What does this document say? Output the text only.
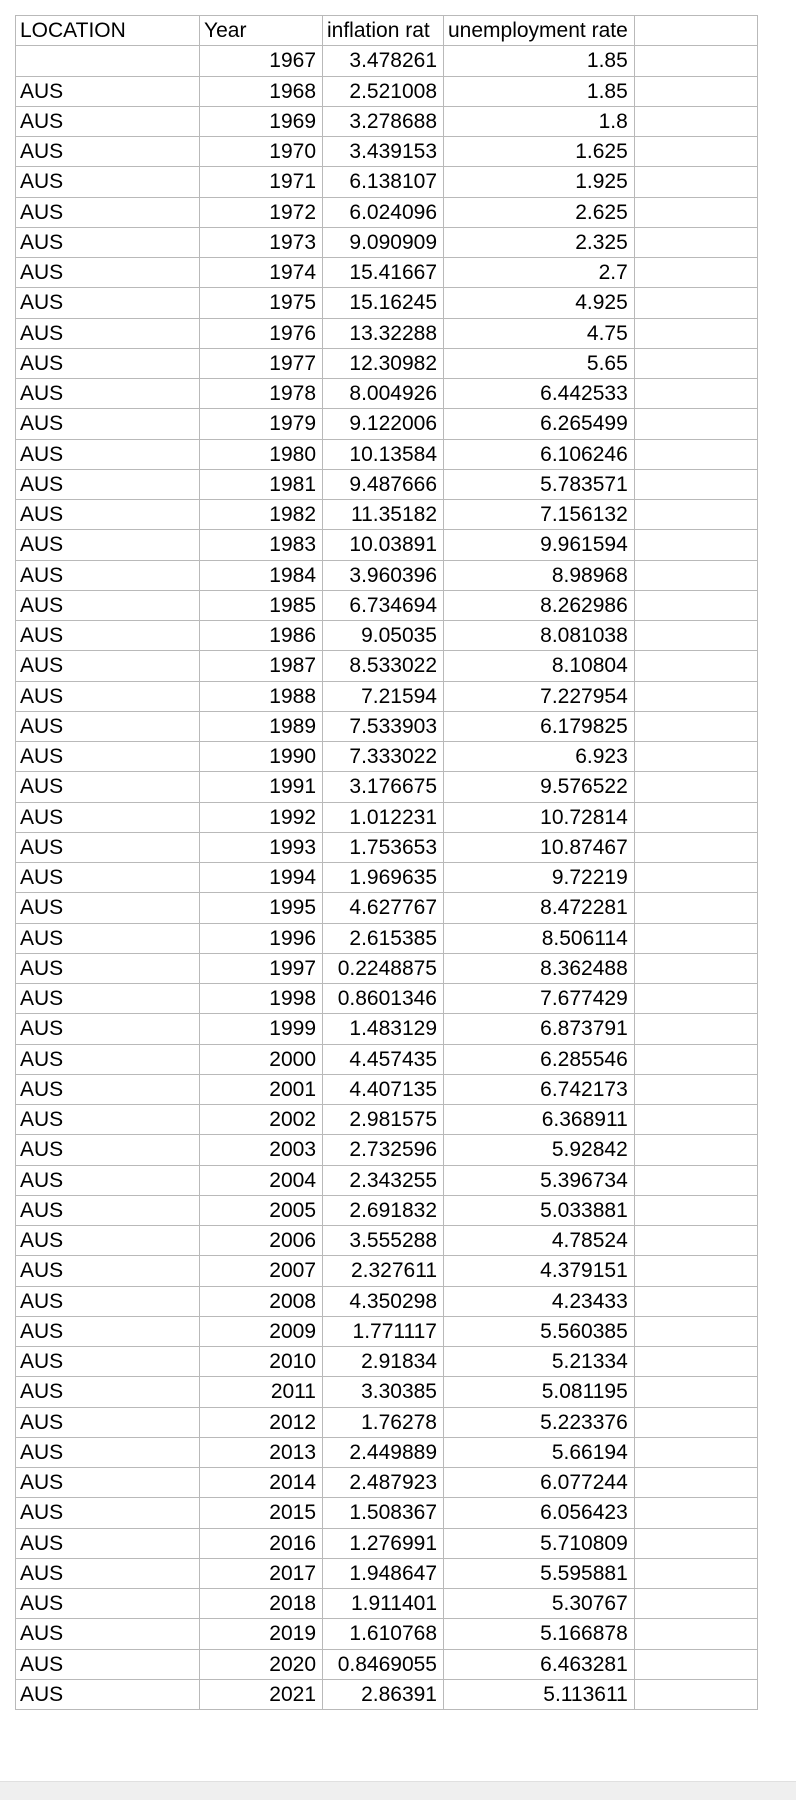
LOCATION	Year	inflation rat	unemployment rate	
	1967	3.478261	1.85	
AUS	1968	2.521008	1.85	
AUS	1969	3.278688	1.8	
AUS	1970	3.439153	1.625	
AUS	1971	6.138107	1.925	
AUS	1972	6.024096	2.625	
AUS	1973	9.090909	2.325	
AUS	1974	15.41667	2.7	
AUS	1975	15.16245	4.925	
AUS	1976	13.32288	4.75	
AUS	1977	12.30982	5.65	
AUS	1978	8.004926	6.442533	
AUS	1979	9.122006	6.265499	
AUS	1980	10.13584	6.106246	
AUS	1981	9.487666	5.783571	
AUS	1982	11.35182	7.156132	
AUS	1983	10.03891	9.961594	
AUS	1984	3.960396	8.98968	
AUS	1985	6.734694	8.262986	
AUS	1986	9.05035	8.081038	
AUS	1987	8.533022	8.10804	
AUS	1988	7.21594	7.227954	
AUS	1989	7.533903	6.179825	
AUS	1990	7.333022	6.923	
AUS	1991	3.176675	9.576522	
AUS	1992	1.012231	10.72814	
AUS	1993	1.753653	10.87467	
AUS	1994	1.969635	9.72219	
AUS	1995	4.627767	8.472281	
AUS	1996	2.615385	8.506114	
AUS	1997	0.2248875	8.362488	
AUS	1998	0.8601346	7.677429	
AUS	1999	1.483129	6.873791	
AUS	2000	4.457435	6.285546	
AUS	2001	4.407135	6.742173	
AUS	2002	2.981575	6.368911	
AUS	2003	2.732596	5.92842	
AUS	2004	2.343255	5.396734	
AUS	2005	2.691832	5.033881	
AUS	2006	3.555288	4.78524	
AUS	2007	2.327611	4.379151	
AUS	2008	4.350298	4.23433	
AUS	2009	1.771117	5.560385	
AUS	2010	2.91834	5.21334	
AUS	2011	3.30385	5.081195	
AUS	2012	1.76278	5.223376	
AUS	2013	2.449889	5.66194	
AUS	2014	2.487923	6.077244	
AUS	2015	1.508367	6.056423	
AUS	2016	1.276991	5.710809	
AUS	2017	1.948647	5.595881	
AUS	2018	1.911401	5.30767	
AUS	2019	1.610768	5.166878	
AUS	2020	0.8469055	6.463281	
AUS	2021	2.86391	5.113611	
